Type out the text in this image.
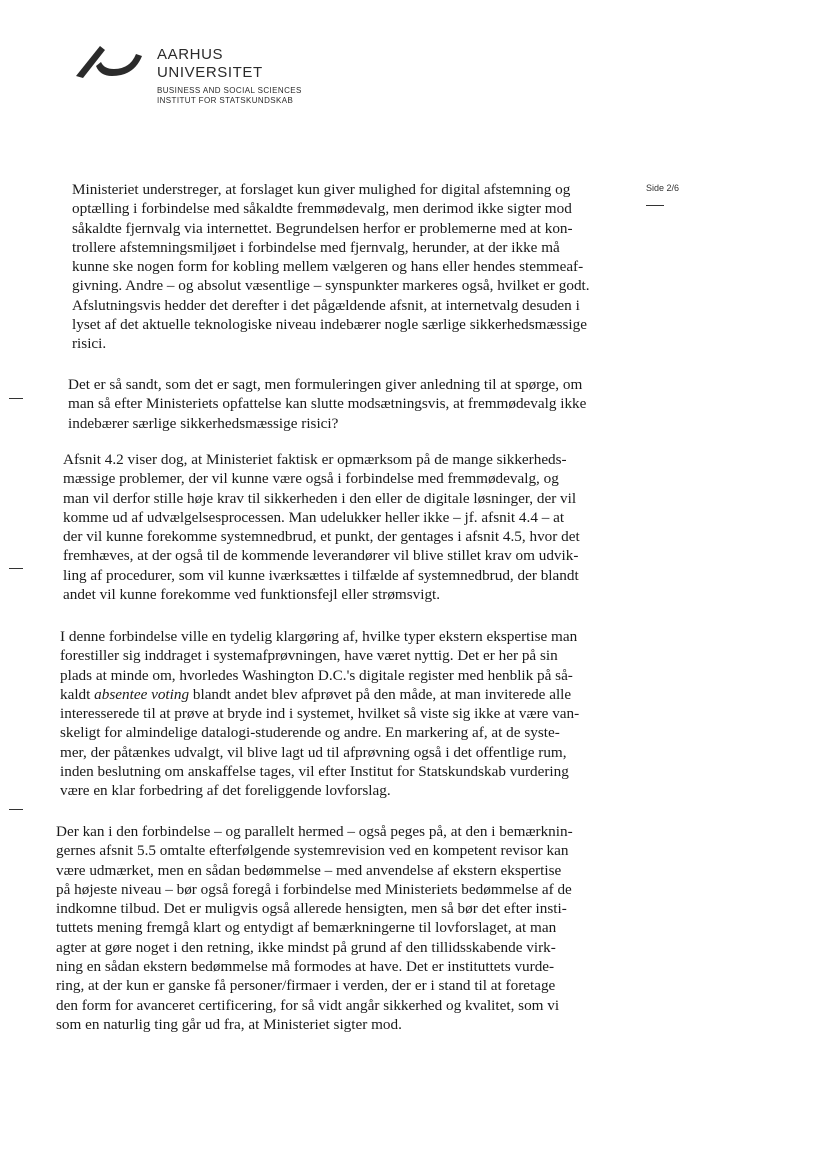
AARHUS
UNIVERSITET
BUSINESS AND SOCIAL SCIENCES
INSTITUT FOR STATSKUNDSKAB
Side 2/6
Ministeriet understreger, at forslaget kun giver mulighed for digital afstemning og
optælling i forbindelse med såkaldte fremmødevalg, men derimod ikke sigter mod
såkaldte fjernvalg via internettet. Begrundelsen herfor er problemerne med at kon-
trollere afstemningsmiljøet i forbindelse med fjernvalg, herunder, at der ikke må
kunne ske nogen form for kobling mellem vælgeren og hans eller hendes stemmeaf-
givning. Andre – og absolut væsentlige – synspunkter markeres også, hvilket er godt.
Afslutningsvis hedder det derefter i det pågældende afsnit, at internetvalg desuden i
lyset af det aktuelle teknologiske niveau indebærer nogle særlige sikkerhedsmæssige
risici.
Det er så sandt, som det er sagt, men formuleringen giver anledning til at spørge, om
man så efter Ministeriets opfattelse kan slutte modsætningsvis, at fremmødevalg ikke
indebærer særlige sikkerhedsmæssige risici?
Afsnit 4.2 viser dog, at Ministeriet faktisk er opmærksom på de mange sikkerheds-
mæssige problemer, der vil kunne være også i forbindelse med fremmødevalg, og
man vil derfor stille høje krav til sikkerheden i den eller de digitale løsninger, der vil
komme ud af udvælgelsesprocessen. Man udelukker heller ikke – jf. afsnit 4.4 – at
der vil kunne forekomme systemnedbrud, et punkt, der gentages i afsnit 4.5, hvor det
fremhæves, at der også til de kommende leverandører vil blive stillet krav om udvik-
ling af procedurer, som vil kunne iværksættes i tilfælde af systemnedbrud, der blandt
andet vil kunne forekomme ved funktionsfejl eller strømsvigt.
I denne forbindelse ville en tydelig klargøring af, hvilke typer ekstern ekspertise man
forestiller sig inddraget i systemafprøvningen, have været nyttig. Det er her på sin
plads at minde om, hvorledes Washington D.C.'s digitale register med henblik på så-
kaldt absentee voting blandt andet blev afprøvet på den måde, at man inviterede alle
interesserede til at prøve at bryde ind i systemet, hvilket så viste sig ikke at være van-
skeligt for almindelige datalogi-studerende og andre. En markering af, at de syste-
mer, der påtænkes udvalgt, vil blive lagt ud til afprøvning også i det offentlige rum,
inden beslutning om anskaffelse tages, vil efter Institut for Statskundskab vurdering
være en klar forbedring af det foreliggende lovforslag.
Der kan i den forbindelse – og parallelt hermed – også peges på, at den i bemærknin-
gernes afsnit 5.5 omtalte efterfølgende systemrevision ved en kompetent revisor kan
være udmærket, men en sådan bedømmelse – med anvendelse af ekstern ekspertise
på højeste niveau – bør også foregå i forbindelse med Ministeriets bedømmelse af de
indkomne tilbud. Det er muligvis også allerede hensigten, men så bør det efter insti-
tuttets mening fremgå klart og entydigt af bemærkningerne til lovforslaget, at man
agter at gøre noget i den retning, ikke mindst på grund af den tillidsskabende virk-
ning en sådan ekstern bedømmelse må formodes at have. Det er instituttets vurde-
ring, at der kun er ganske få personer/firmaer i verden, der er i stand til at foretage
den form for avanceret certificering, for så vidt angår sikkerhed og kvalitet, som vi
som en naturlig ting går ud fra, at Ministeriet sigter mod.
